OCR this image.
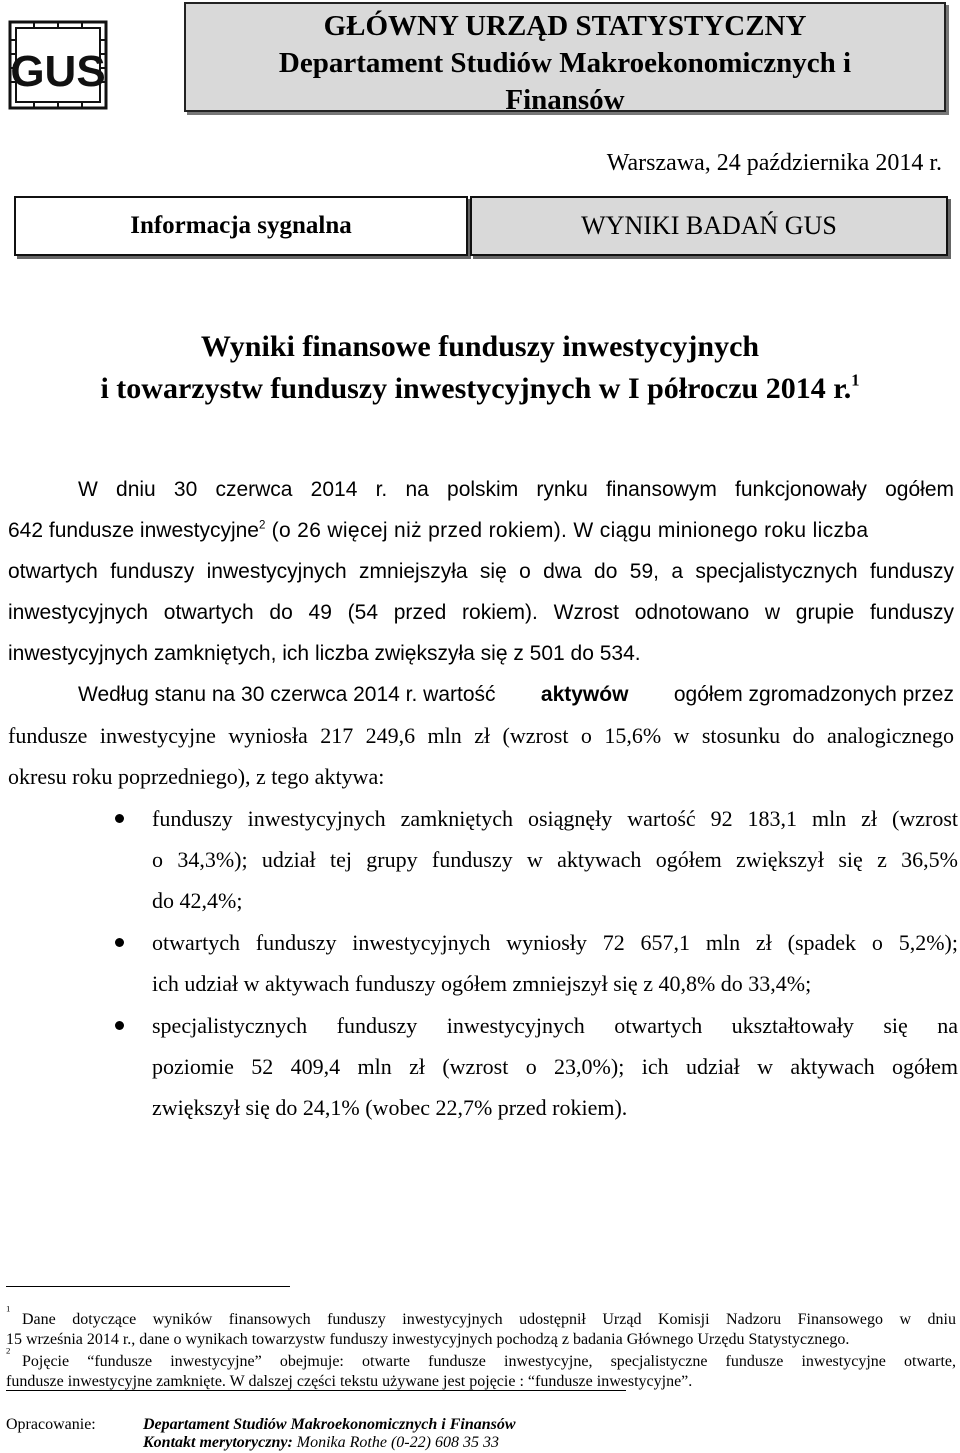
GUS
GŁÓWNY URZĄD STATYSTYCZNY
Departament Studiów Makroekonomicznych i
Finansów
Warszawa, 24 października 2014 r.
Informacja sygnalna	WYNIKI BADAŃ GUS
Wyniki finansowe funduszy inwestycyjnych
i towarzystw funduszy inwestycyjnych w I półroczu 2014 r.$^1$
W dniu 30 czerwca 2014 r. na polskim rynku finansowym funkcjonowały ogółem
642 fundusze inwestycyjne$^2$ (o 26 więcej niż przed rokiem). W ciągu minionego roku liczba
otwartych funduszy inwestycyjnych zmniejszyła się o dwa do 59, a specjalistycznych funduszy
inwestycyjnych otwartych do 49 (54 przed rokiem). Wzrost odnotowano w grupie funduszy
inwestycyjnych zamkniętych, ich liczba zwiększyła się z 501 do 534.
Według stanu na 30 czerwca 2014 r. wartość aktywów ogółem zgromadzonych przez
fundusze inwestycyjne wyniosła 217 249,6 mln zł (wzrost o 15,6% w stosunku do analogicznego
okresu roku poprzedniego), z tego aktywa:
funduszy inwestycyjnych zamkniętych osiągnęły wartość 92 183,1 mln zł (wzrost
o 34,3%); udział tej grupy funduszy w aktywach ogółem zwiększył się z 36,5%
do 42,4%;
otwartych funduszy inwestycyjnych wyniosły 72 657,1 mln zł (spadek o 5,2%);
ich udział w aktywach funduszy ogółem zmniejszył się z 40,8% do 33,4%;
specjalistycznych funduszy inwestycyjnych otwartych ukształtowały się na
poziomie 52 409,4 mln zł (wzrost o 23,0%); ich udział w aktywach ogółem
zwiększył się do 24,1% (wobec 22,7% przed rokiem).
$^1$
Dane dotyczące wyników finansowych funduszy inwestycyjnych udostępnił Urząd Komisji Nadzoru Finansowego w dniu
15 września 2014 r., dane o wynikach towarzystw funduszy inwestycyjnych pochodzą z badania Głównego Urzędu Statystycznego.
$^2$
Pojęcie “fundusze inwestycyjne” obejmuje: otwarte fundusze inwestycyjne, specjalistyczne fundusze inwestycyjne otwarte,
fundusze inwestycyjne zamknięte. W dalszej części tekstu używane jest pojęcie : “fundusze inwestycyjne”.
Opracowanie:	Departament Studiów Makroekonomicznych i Finansów
Kontakt merytoryczny: Monika Rothe (0-22) 608 35 33
